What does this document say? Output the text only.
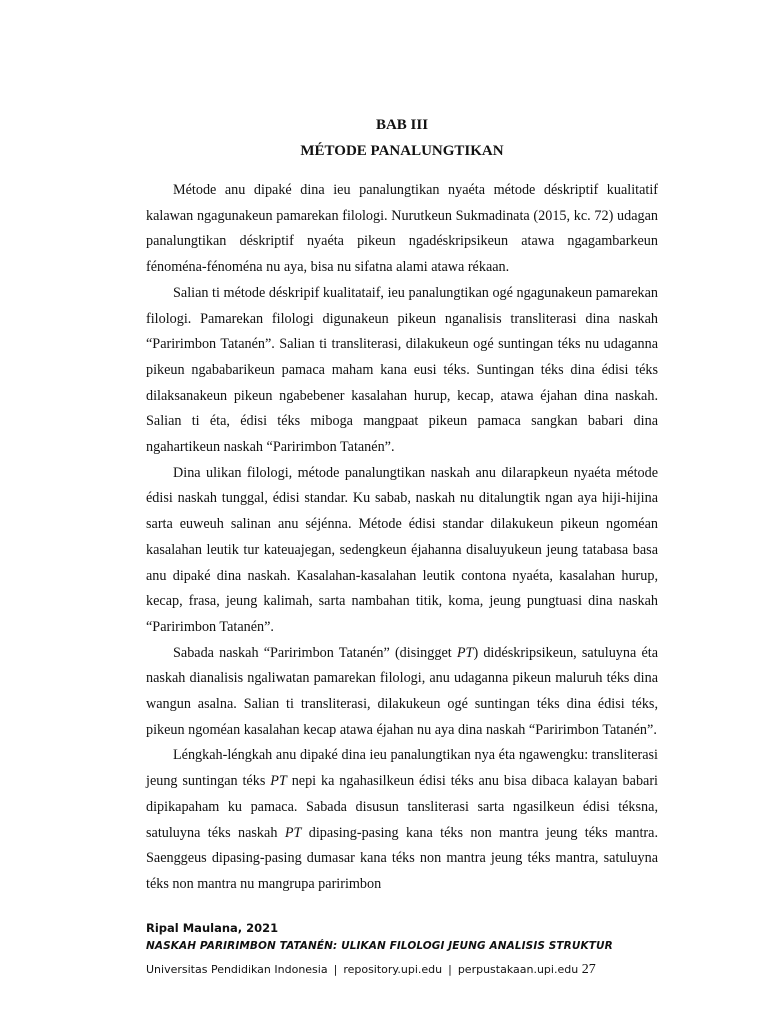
BAB III
MÉTODE PANALUNGTIKAN

Métode anu dipaké dina ieu panalungtikan nyaéta métode déskriptif kualitatif kalawan ngagunakeun pamarekan filologi. Nurutkeun Sukmadinata (2015, kc. 72) udagan panalungtikan déskriptif nyaéta pikeun ngadéskripsikeun atawa ngagambarkeun fénoména-fénoména nu aya, bisa nu sifatna alami atawa rékaan.

Salian ti métode déskripif kualitataif, ieu panalungtikan ogé ngagunakeun pamarekan filologi. Pamarekan filologi digunakeun pikeun nganalisis transliterasi dina naskah “Paririmbon Tatanén”. Salian ti transliterasi, dilakukeun ogé suntingan téks nu udaganna pikeun ngababarikeun pamaca maham kana eusi téks. Suntingan téks dina édisi téks dilaksanakeun pikeun ngabebener kasalahan hurup, kecap, atawa éjahan dina naskah. Salian ti éta, édisi téks miboga mangpaat pikeun pamaca sangkan babari dina ngahartikeun naskah “Paririmbon Tatanén”.

Dina ulikan filologi, métode panalungtikan naskah anu dilarapkeun nyaéta métode édisi naskah tunggal, édisi standar. Ku sabab, naskah nu ditalungtik ngan aya hiji-hijina sarta euweuh salinan anu séjénna. Métode édisi standar dilakukeun pikeun ngoméan kasalahan leutik tur kateuajegan, sedengkeun éjahanna disaluyukeun jeung tatabasa basa anu dipaké dina naskah. Kasalahan-kasalahan leutik contona nyaéta, kasalahan hurup, kecap, frasa, jeung kalimah, sarta nambahan titik, koma, jeung pungtuasi dina naskah “Paririmbon Tatanén”.

Sabada naskah “Paririmbon Tatanén” (disingget PT) didéskripsikeun, satuluyna éta naskah dianalisis ngaliwatan pamarekan filologi, anu udaganna pikeun maluruh téks dina wangun asalna. Salian ti transliterasi, dilakukeun ogé suntingan téks dina édisi téks, pikeun ngoméan kasalahan kecap atawa éjahan nu aya dina naskah “Paririmbon Tatanén”.

Léngkah-léngkah anu dipaké dina ieu panalungtikan nya éta ngawengku: transliterasi jeung suntingan téks PT nepi ka ngahasilkeun édisi téks anu bisa dibaca kalayan babari dipikapaham ku pamaca. Sabada disusun tansliterasi sarta ngasilkeun édisi téksna, satuluyna téks naskah PT dipasing-pasing kana téks non mantra jeung téks mantra. Saenggeus dipasing-pasing dumasar kana téks non mantra jeung téks mantra, satuluyna téks non mantra nu mangrupa paririmbon

Ripal Maulana, 2021
NASKAH PARIRIMBON TATANÉN: ULIKAN FILOLOGI JEUNG ANALISIS STRUKTUR
Universitas Pendidikan Indonesia | repository.upi.edu | perpustakaan.upi.edu 27
